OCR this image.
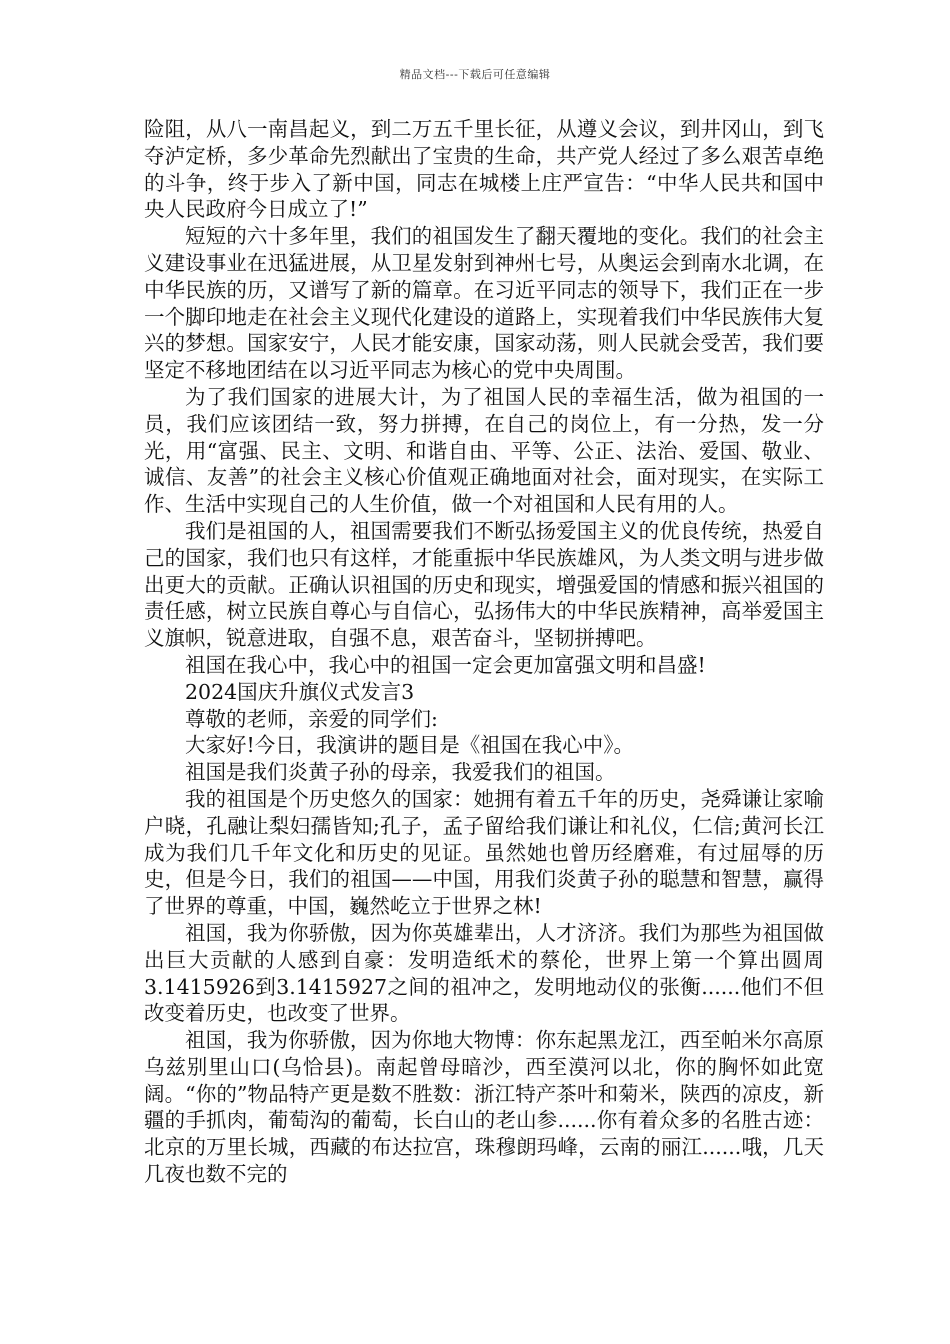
精品文档---下载后可任意编辑

险阻，从八一南昌起义，到二万五千里长征，从遵义会议，到井冈山，到飞夺泸定桥，多少革命先烈献出了宝贵的生命，共产党人经过了多么艰苦卓绝的斗争，终于步入了新中国，同志在城楼上庄严宣告：“中华人民共和国中央人民政府今日成立了!”

短短的六十多年里，我们的祖国发生了翻天覆地的变化。我们的社会主义建设事业在迅猛进展，从卫星发射到神州七号，从奥运会到南水北调，在中华民族的历，又谱写了新的篇章。在习近平同志的领导下，我们正在一步一个脚印地走在社会主义现代化建设的道路上，实现着我们中华民族伟大复兴的梦想。国家安宁，人民才能安康，国家动荡，则人民就会受苦，我们要坚定不移地团结在以习近平同志为核心的党中央周围。

为了我们国家的进展大计，为了祖国人民的幸福生活，做为祖国的一员，我们应该团结一致，努力拼搏，在自己的岗位上，有一分热，发一分光，用“富强、民主、文明、和谐自由、平等、公正、法治、爱国、敬业、诚信、友善”的社会主义核心价值观正确地面对社会，面对现实，在实际工作、生活中实现自己的人生价值，做一个对祖国和人民有用的人。

我们是祖国的人，祖国需要我们不断弘扬爱国主义的优良传统，热爱自己的国家，我们也只有这样，才能重振中华民族雄风，为人类文明与进步做出更大的贡献。正确认识祖国的历史和现实，增强爱国的情感和振兴祖国的责任感，树立民族自尊心与自信心，弘扬伟大的中华民族精神，高举爱国主义旗帜，锐意进取，自强不息，艰苦奋斗，坚韧拼搏吧。

祖国在我心中，我心中的祖国一定会更加富强文明和昌盛!

2024国庆升旗仪式发言3

尊敬的老师，亲爱的同学们:

大家好!今日，我演讲的题目是《祖国在我心中》。

祖国是我们炎黄子孙的母亲，我爱我们的祖国。

我的祖国是个历史悠久的国家：她拥有着五千年的历史，尧舜谦让家喻户晓，孔融让梨妇孺皆知;孔子，孟子留给我们谦让和礼仪，仁信;黄河长江成为我们几千年文化和历史的见证。虽然她也曾历经磨难，有过屈辱的历史，但是今日，我们的祖国——中国，用我们炎黄子孙的聪慧和智慧，赢得了世界的尊重，中国，巍然屹立于世界之林!

祖国，我为你骄傲，因为你英雄辈出，人才济济。我们为那些为祖国做出巨大贡献的人感到自豪：发明造纸术的蔡伦，世界上第一个算出圆周3.1415926到3.1415927之间的祖冲之，发明地动仪的张衡......他们不但改变着历史，也改变了世界。

祖国，我为你骄傲，因为你地大物博：你东起黑龙江，西至帕米尔高原乌兹别里山口(乌恰县)。南起曾母暗沙，西至漠河以北，你的胸怀如此宽阔。“你的”物品特产更是数不胜数：浙江特产茶叶和菊米，陕西的凉皮，新疆的手抓肉，葡萄沟的葡萄，长白山的老山参......你有着众多的名胜古迹：北京的万里长城，西藏的布达拉宫，珠穆朗玛峰，云南的丽江......哦，几天几夜也数不完的
